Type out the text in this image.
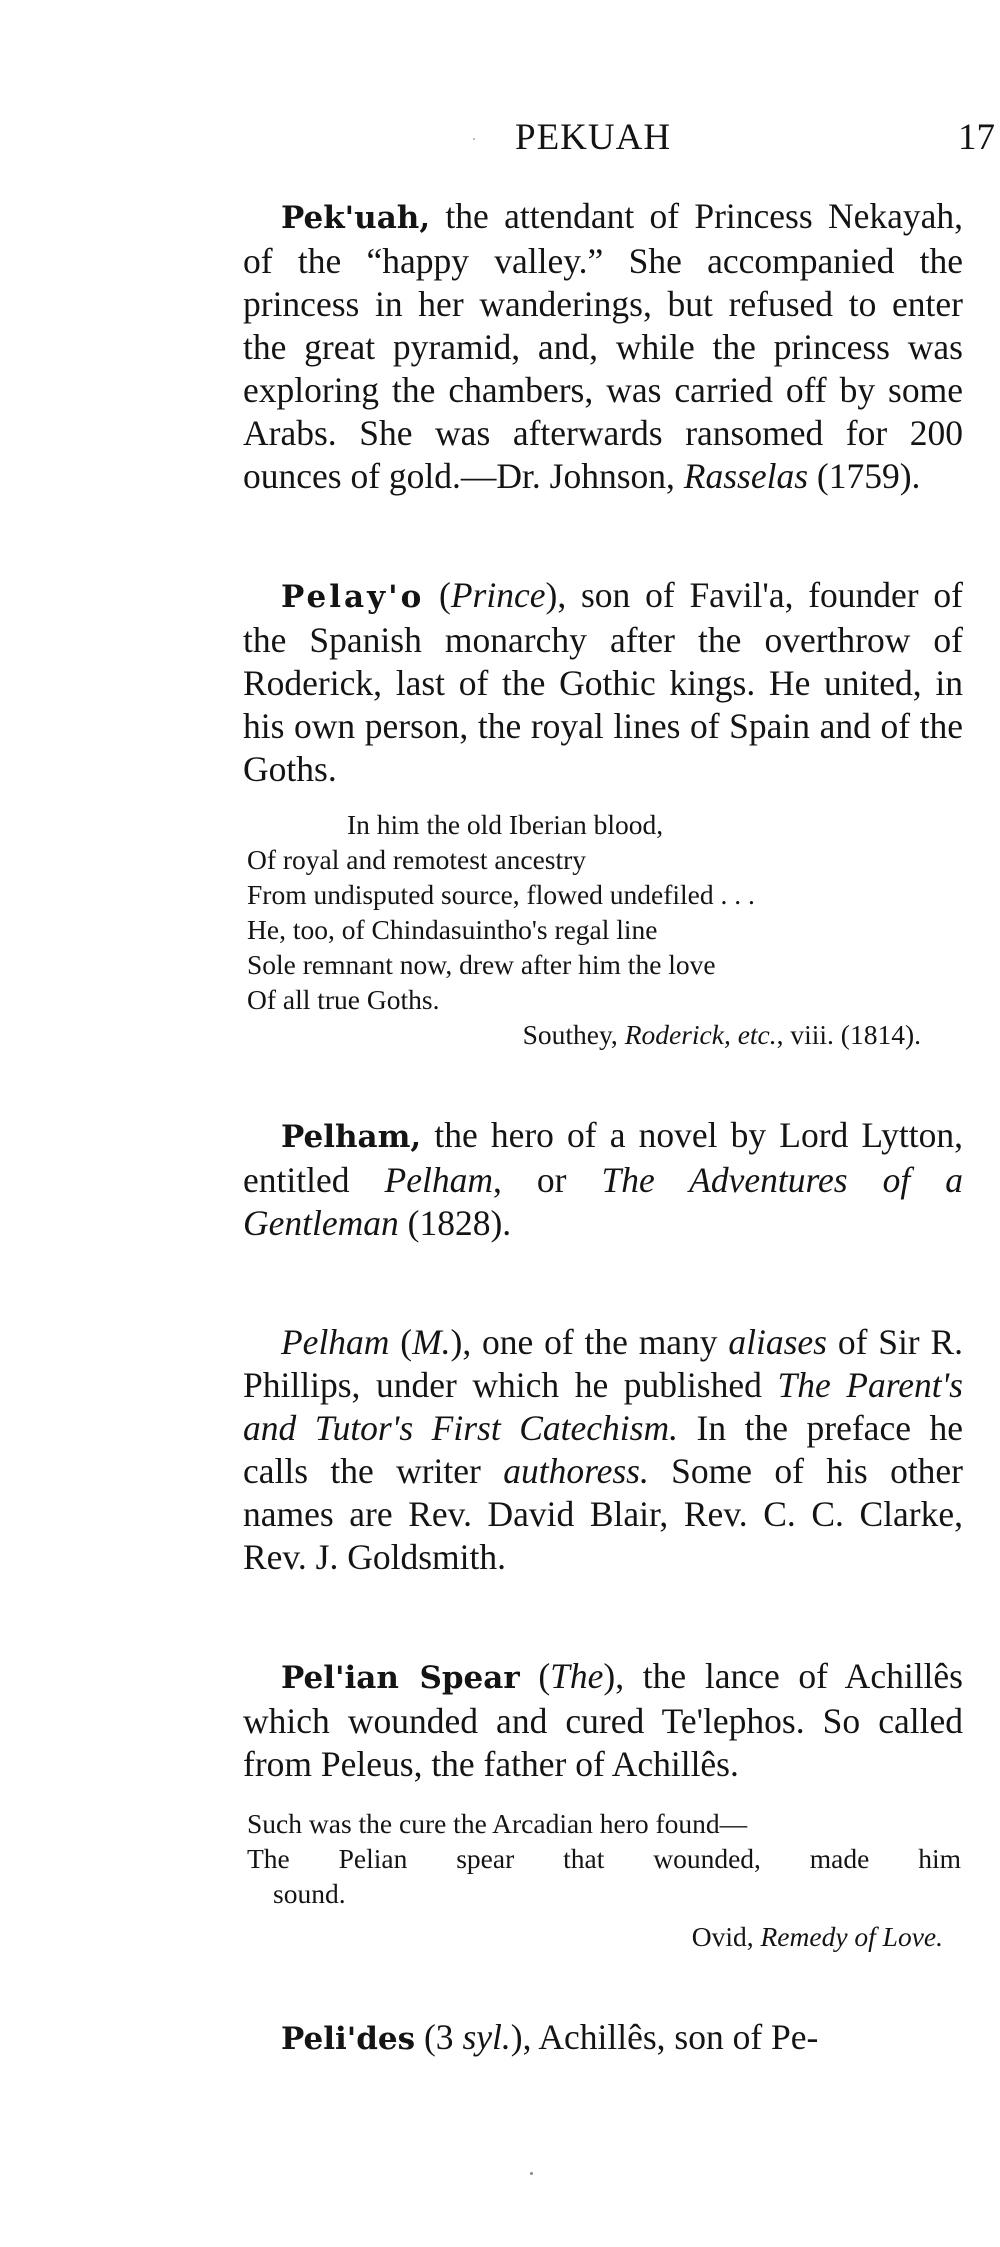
PEKUAH	17

Pek'uah, the attendant of Princess Nekayah, of the “happy valley.” She accompanied the princess in her wanderings, but refused to enter the great pyramid, and, while the princess was exploring the chambers, was carried off by some Arabs. She was afterwards ransomed for 200 ounces of gold.—Dr. Johnson, Rasselas (1759).

Pelay'o (Prince), son of Favil'a, founder of the Spanish monarchy after the overthrow of Roderick, last of the Gothic kings. He united, in his own person, the royal lines of Spain and of the Goths.

In him the old Iberian blood,
Of royal and remotest ancestry
From undisputed source, flowed undefiled . . .
He, too, of Chindasuintho's regal line
Sole remnant now, drew after him the love
Of all true Goths.
Southey, Roderick, etc., viii. (1814).

Pelham, the hero of a novel by Lord Lytton, entitled Pelham, or The Adventures of a Gentleman (1828).

Pelham (M.), one of the many aliases of Sir R. Phillips, under which he published The Parent's and Tutor's First Catechism. In the preface he calls the writer authoress. Some of his other names are Rev. David Blair, Rev. C. C. Clarke, Rev. J. Goldsmith.

Pel'ian Spear (The), the lance of Achillês which wounded and cured Te'lephos. So called from Peleus, the father of Achillês.

Such was the cure the Arcadian hero found—
The Pelian spear that wounded, made him
sound.
Ovid, Remedy of Love.

Peli'des (3 syl.), Achillês, son of Pe-
